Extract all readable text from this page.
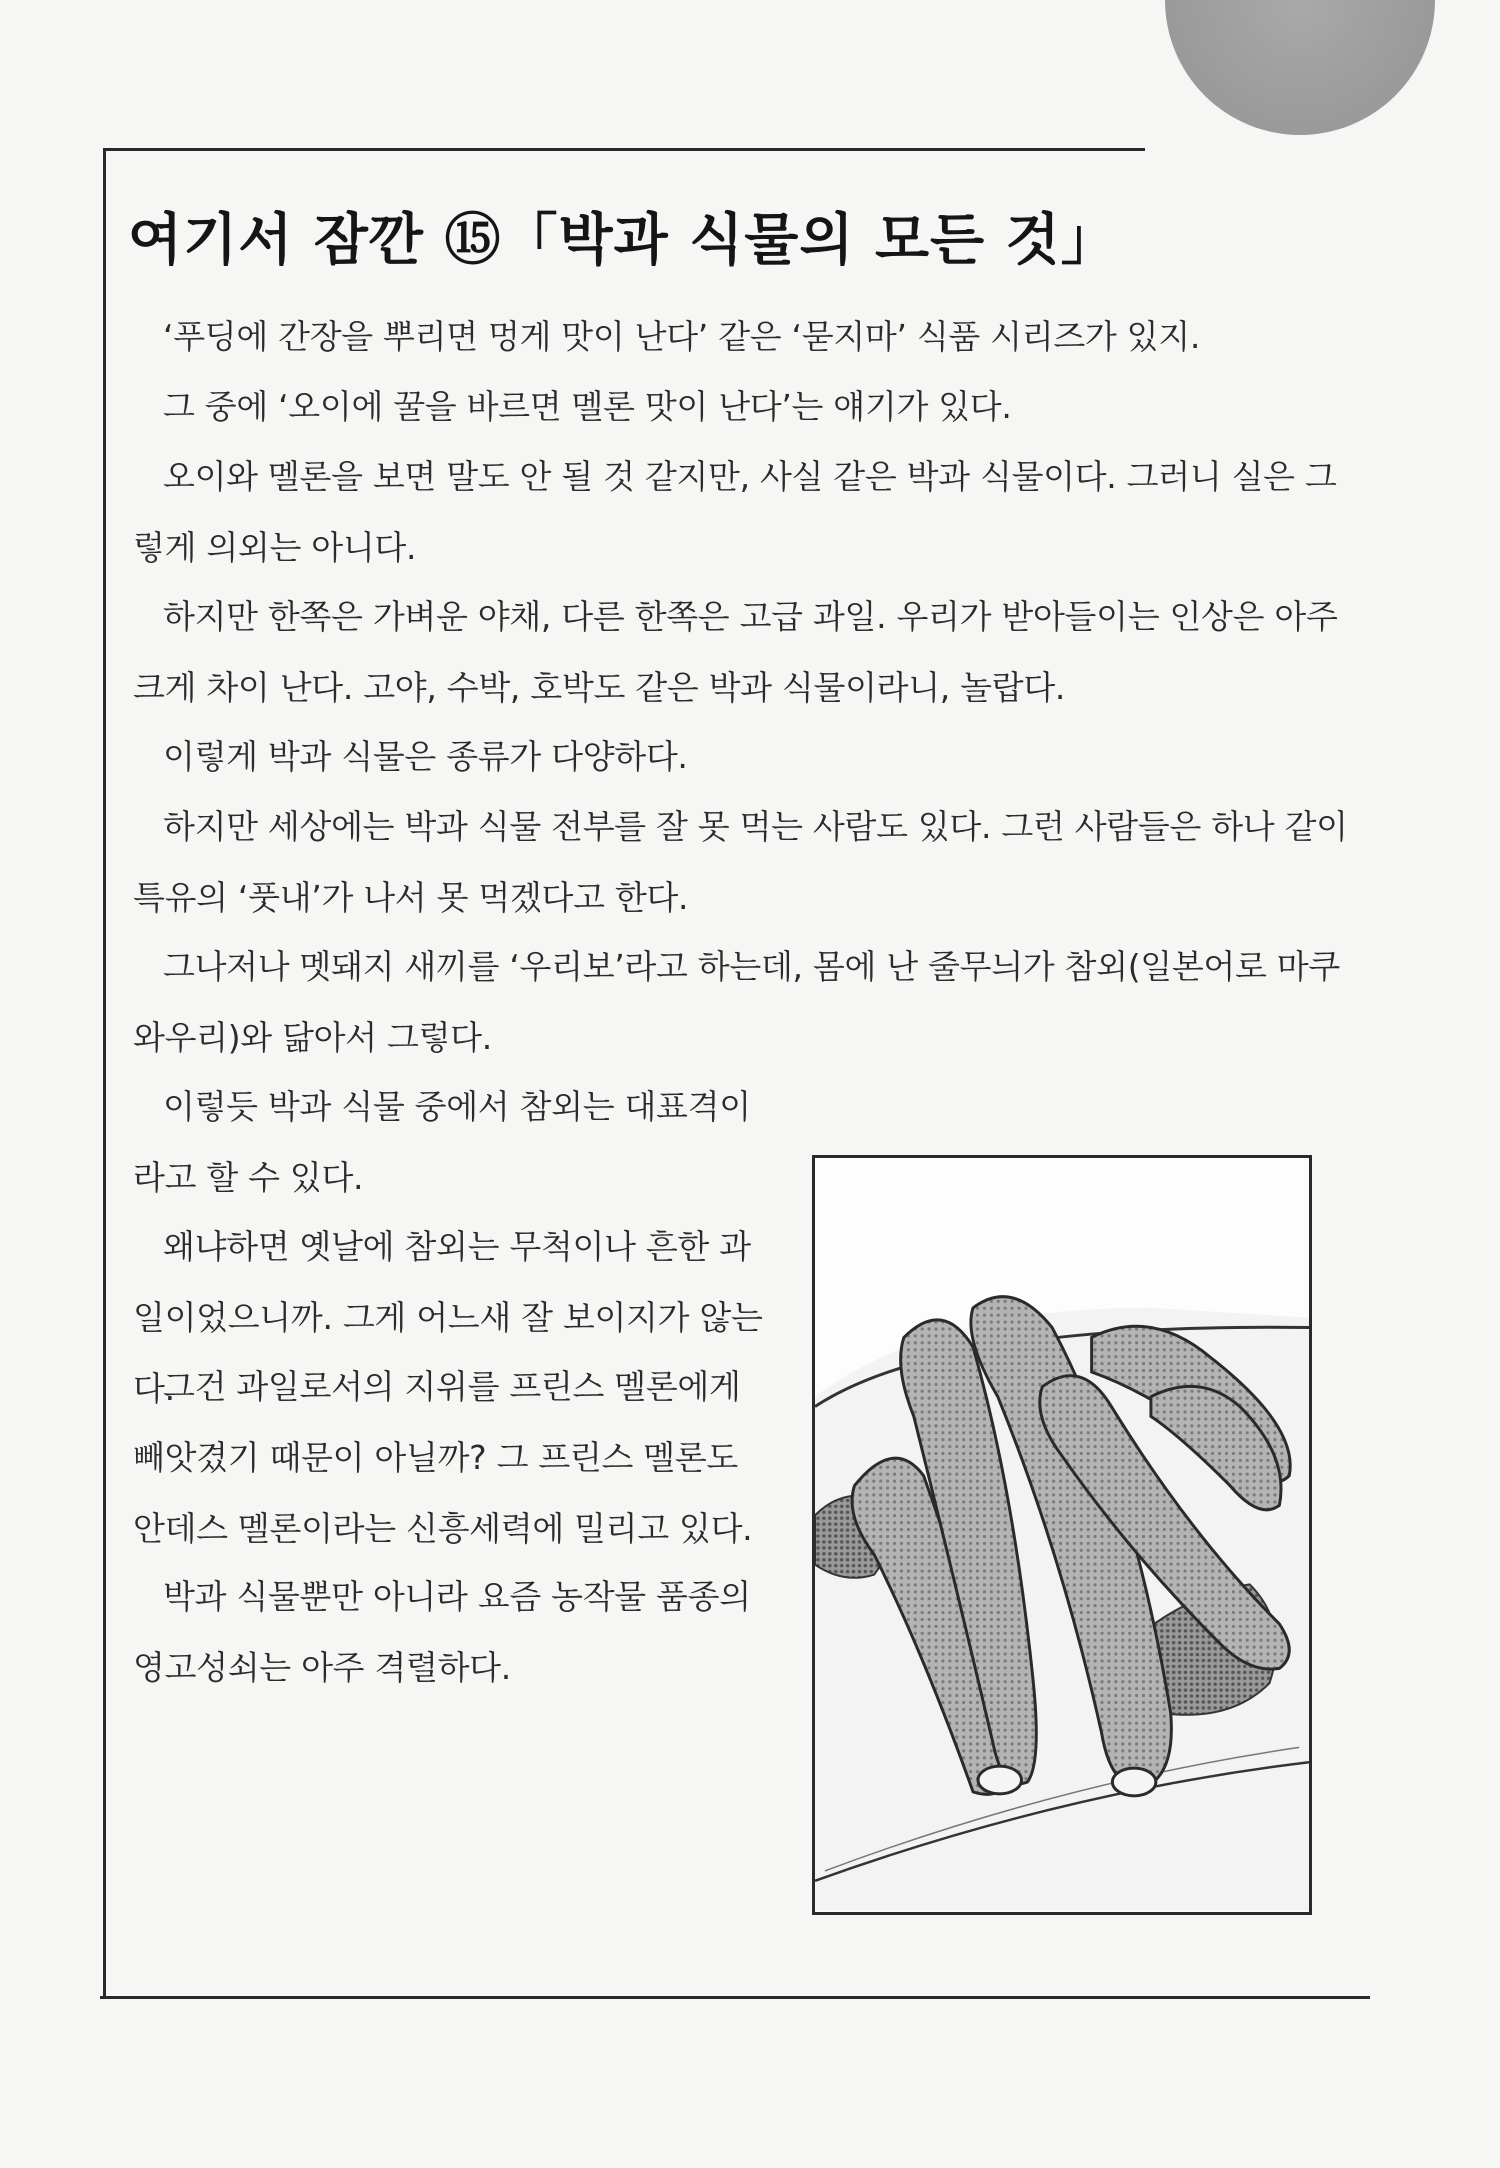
여기서 잠깐 ⑮「박과 식물의 모든 것」

‘푸딩에 간장을 뿌리면 멍게 맛이 난다’ 같은 ‘묻지마’ 식품 시리즈가 있지.

그 중에 ‘오이에 꿀을 바르면 멜론 맛이 난다’는 얘기가 있다.

오이와 멜론을 보면 말도 안 될 것 같지만, 사실 같은 박과 식물이다. 그러니 실은 그렇게 의외는 아니다.

하지만 한쪽은 가벼운 야채, 다른 한쪽은 고급 과일. 우리가 받아들이는 인상은 아주 크게 차이 난다. 고야, 수박, 호박도 같은 박과 식물이라니, 놀랍다.

이렇게 박과 식물은 종류가 다양하다.

하지만 세상에는 박과 식물 전부를 잘 못 먹는 사람도 있다. 그런 사람들은 하나 같이 특유의 ‘풋내’가 나서 못 먹겠다고 한다.

그나저나 멧돼지 새끼를 ‘우리보’라고 하는데, 몸에 난 줄무늬가 참외(일본어로 마쿠와우리)와 닮아서 그렇다.

이렇듯 박과 식물 중에서 참외는 대표격이라고 할 수 있다.

왜냐하면 옛날에 참외는 무척이나 흔한 과일이었으니까. 그게 어느새 잘 보이지가 않는다.

그건 과일로서의 지위를 프린스 멜론에게 빼앗겼기 때문이 아닐까? 그 프린스 멜론도 안데스 멜론이라는 신흥세력에 밀리고 있다.

박과 식물뿐만 아니라 요즘 농작물 품종의 영고성쇠는 아주 격렬하다.
